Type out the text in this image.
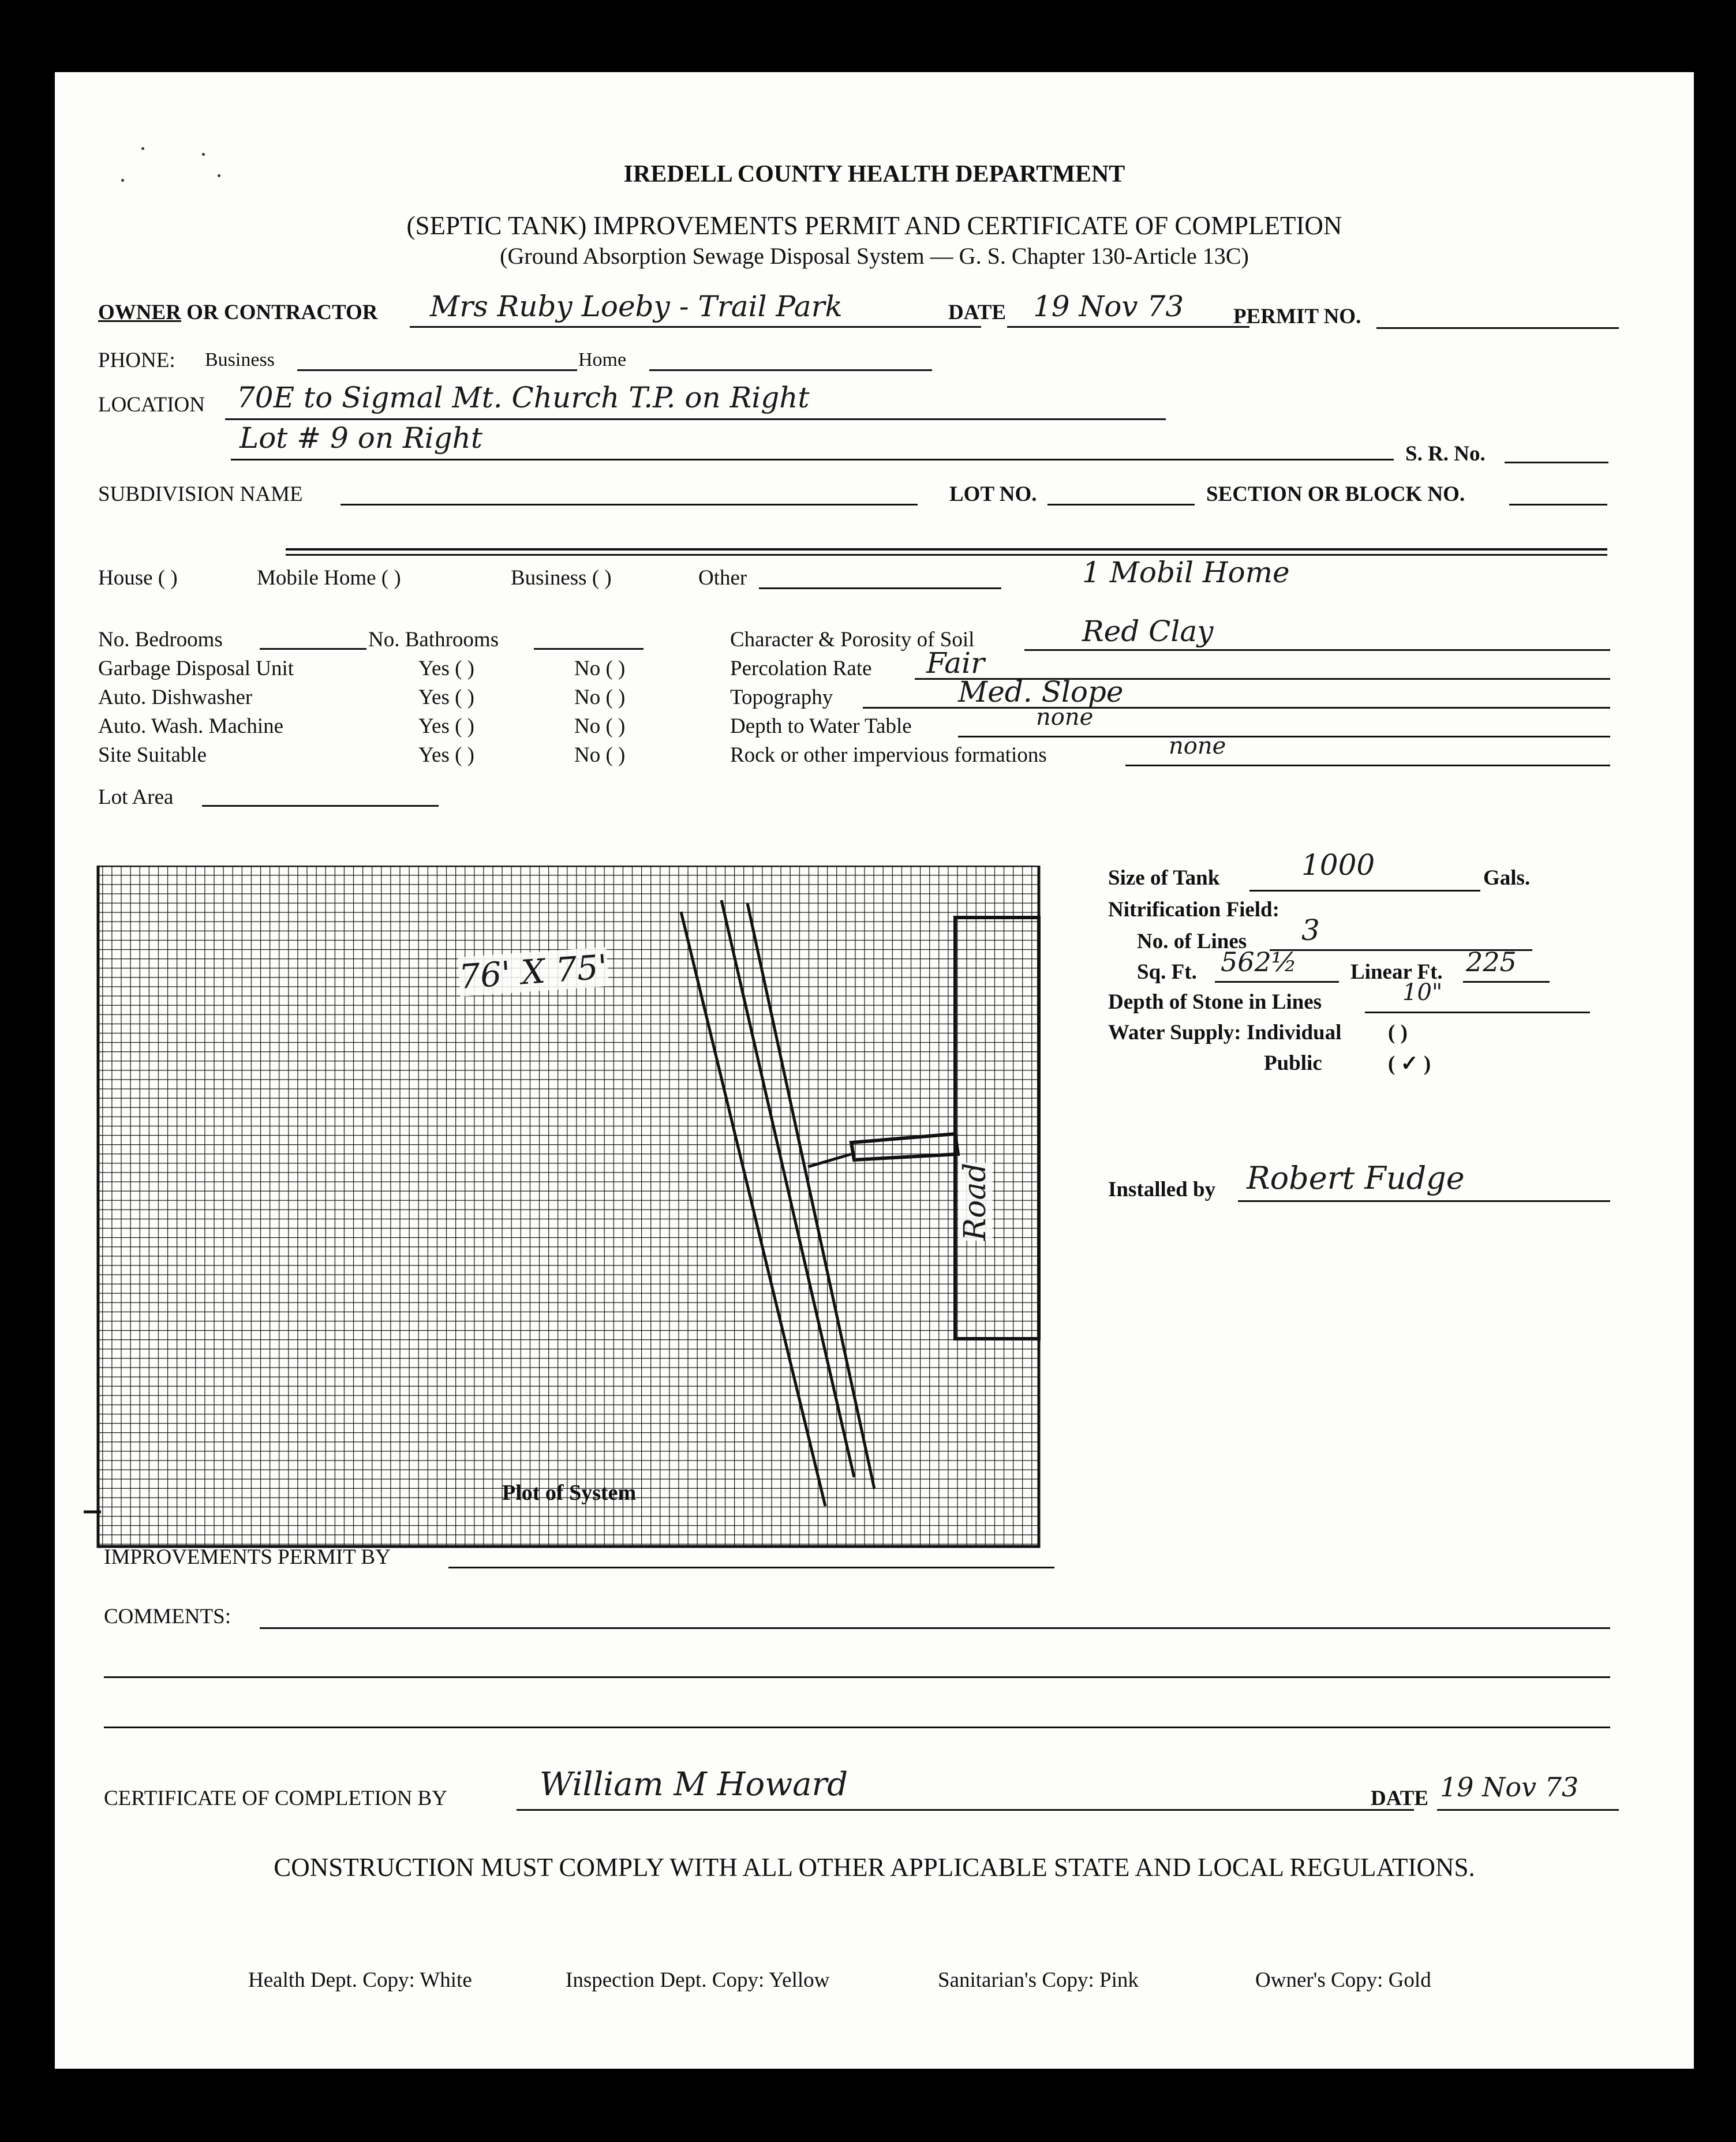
IREDELL COUNTY HEALTH DEPARTMENT
(SEPTIC TANK) IMPROVEMENTS PERMIT AND CERTIFICATE OF COMPLETION
(Ground Absorption Sewage Disposal System — G. S. Chapter 130-Article 13C)
OWNER OR CONTRACTOR Mrs Ruby Loeby - Trail Park	DATE 19 Nov 73 PERMIT NO.
PHONE: Business	Home
LOCATION 70E to Sigmal Mt. Church T.P. on Right
Lot # 9 on Right	S. R. No.
SUBDIVISION NAME	LOT NO.	SECTION OR BLOCK NO.
House ( )	Mobile Home ( )	Business ( )	Other	1 Mobil Home
No. Bedrooms	No. Bathrooms
Garbage Disposal Unit	Yes ( )	No ( )
Auto. Dishwasher	Yes ( )	No ( )
Auto. Wash. Machine	Yes ( )	No ( )
Site Suitable	Yes ( )	No ( )
Lot Area
Character & Porosity of Soil	Red Clay
Percolation Rate Fair
Topography	Med. Slope
Depth to Water Table	none
Rock or other impervious formations	none
76' X 75'
Road
Plot of System
Size of Tank	1000	Gals.
Nitrification Field:
No. of Lines 3
Sq. Ft. 562½	Linear Ft. 225
Depth of Stone in Lines	10"
Water Supply: Individual ( )
Public	( ✓ )
Installed by Robert Fudge
IMPROVEMENTS PERMIT BY
COMMENTS:
CERTIFICATE OF COMPLETION BY	William M Howard	DATE 19 Nov 73
CONSTRUCTION MUST COMPLY WITH ALL OTHER APPLICABLE STATE AND LOCAL REGULATIONS.
Health Dept. Copy: White	Inspection Dept. Copy: Yellow	Sanitarian's Copy: Pink	Owner's Copy: Gold
